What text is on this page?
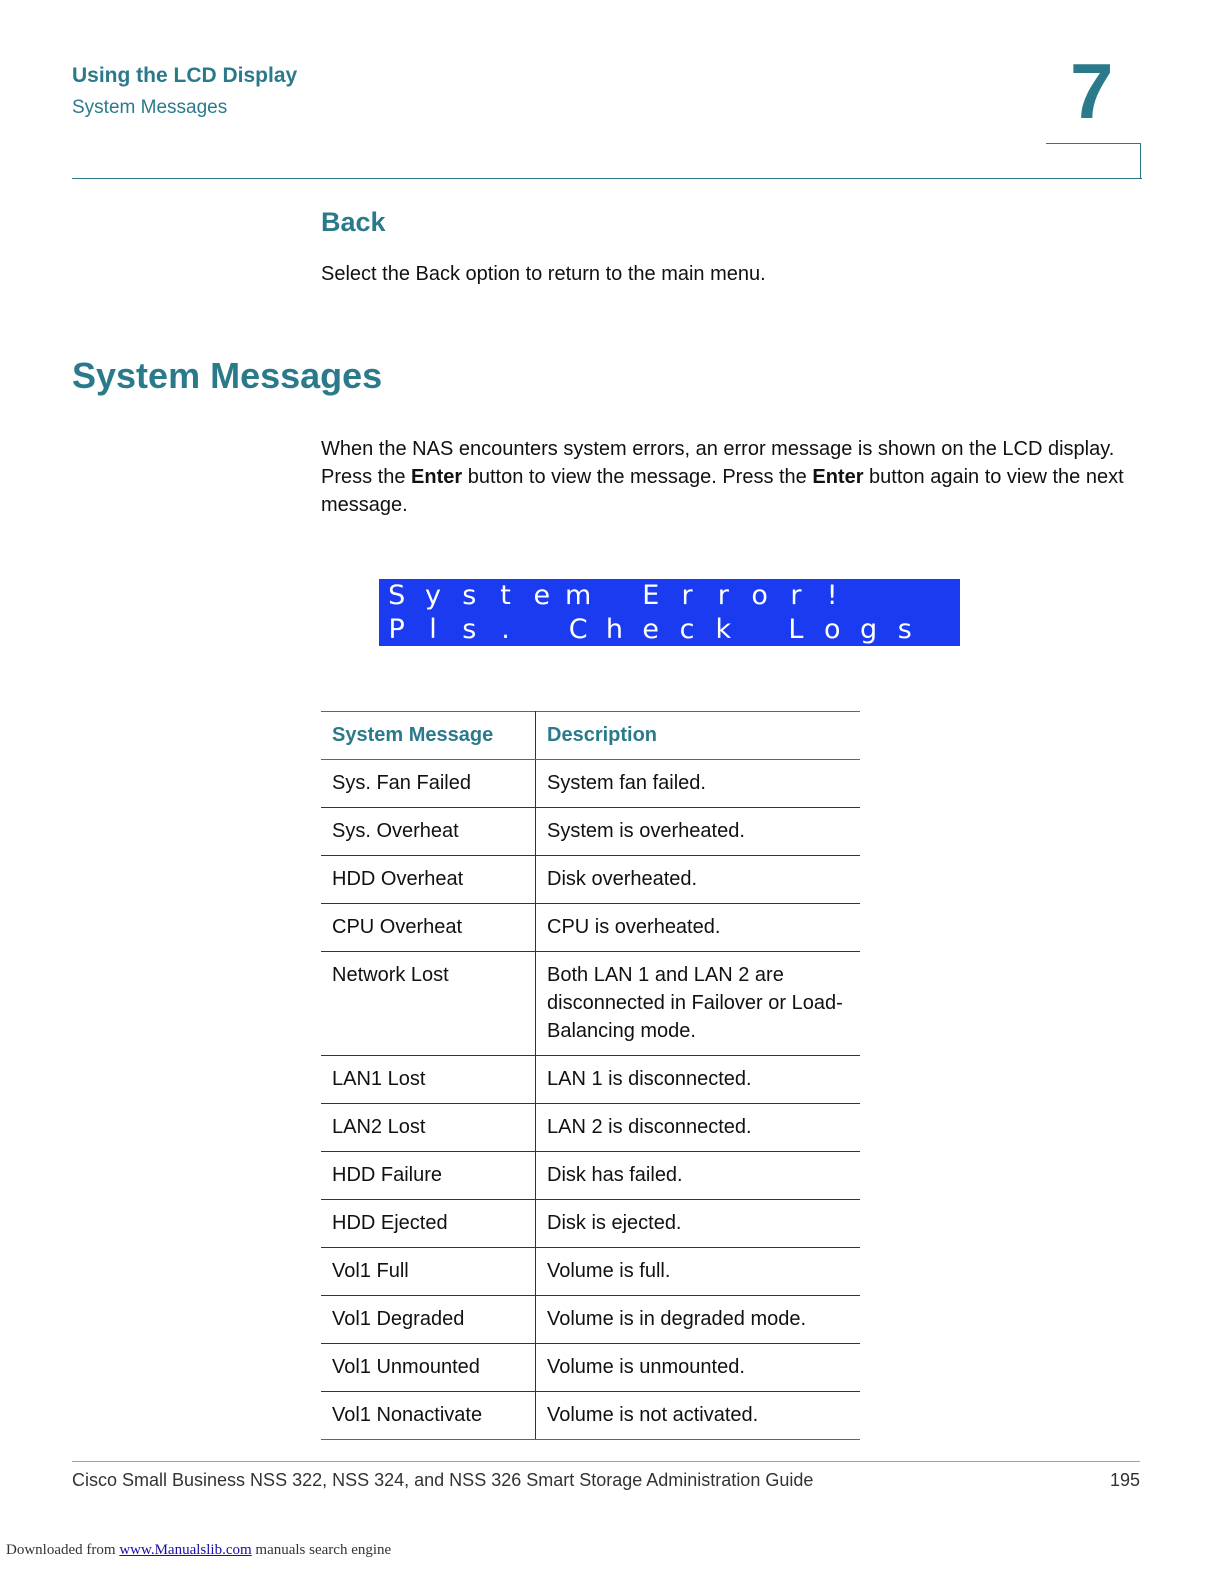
Using the LCD Display
System Messages	7
Back

Select the Back option to return to the main menu.

System Messages

When the NAS encounters system errors, an error message is shown on the LCD display. Press the Enter button to view the message. Press the Enter button again to view the next message.

S y s t e m	E r r o r !
P l s .	C h e c k	L o g s
System Message	Description
Sys. Fan Failed	System fan failed.
Sys. Overheat	System is overheated.
HDD Overheat	Disk overheated.
CPU Overheat	CPU is overheated.
Network Lost	Both LAN 1 and LAN 2 are disconnected in Failover or Load-Balancing mode.
LAN1 Lost	LAN 1 is disconnected.
LAN2 Lost	LAN 2 is disconnected.
HDD Failure	Disk has failed.
HDD Ejected	Disk is ejected.
Vol1 Full	Volume is full.
Vol1 Degraded	Volume is in degraded mode.
Vol1 Unmounted	Volume is unmounted.
Vol1 Nonactivate	Volume is not activated.
Cisco Small Business NSS 322, NSS 324, and NSS 326 Smart Storage Administration Guide	195
Downloaded from www.Manualslib.com manuals search engine
